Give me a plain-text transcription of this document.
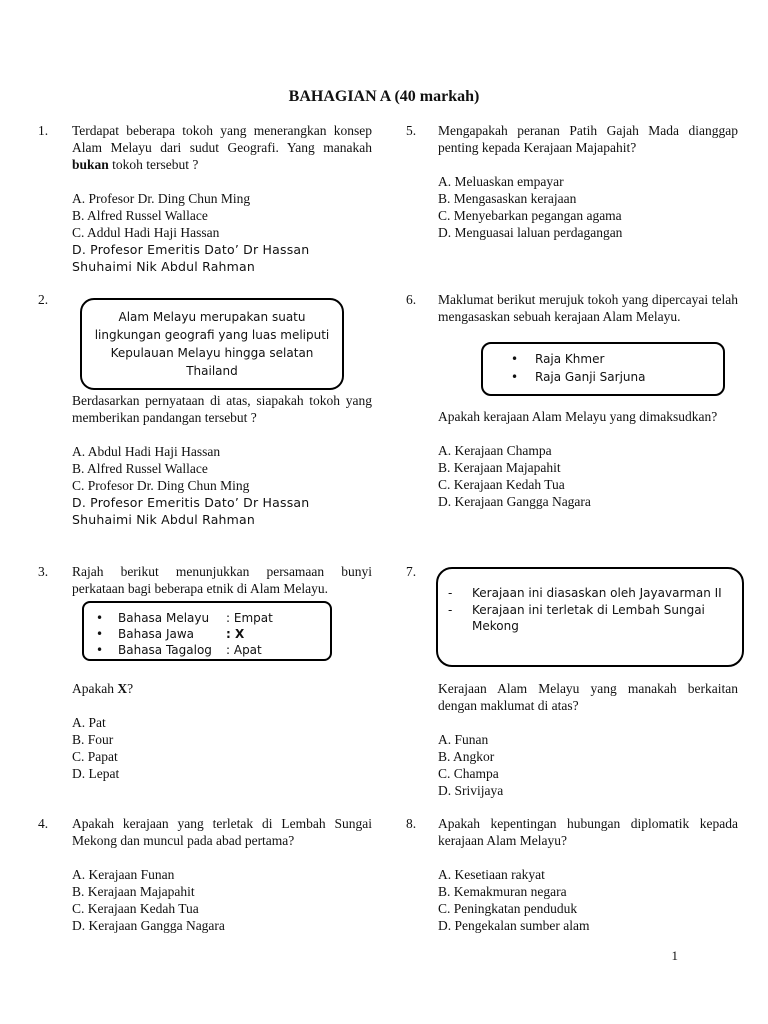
BAHAGIAN A (40 markah)
1. Terdapat beberapa tokoh yang menerangkan konsep Alam Melayu dari sudut Geografi. Yang manakah bukan tokoh tersebut ?
A. Profesor Dr. Ding Chun Ming
B. Alfred Russel Wallace
C. Addul Hadi Haji Hassan
D. Profesor Emeritis Dato’ Dr Hassan Shuhaimi Nik Abdul Rahman
2.
Alam Melayu merupakan suatu lingkungan geografi yang luas meliputi Kepulauan Melayu hingga selatan Thailand
Berdasarkan pernyataan di atas, siapakah tokoh yang memberikan pandangan tersebut ?
A. Abdul Hadi Haji Hassan
B. Alfred Russel Wallace
C. Profesor Dr. Ding Chun Ming
D. Profesor Emeritis Dato’ Dr Hassan Shuhaimi Nik Abdul Rahman
3. Rajah berikut menunjukkan persamaan bunyi perkataan bagi beberapa etnik di Alam Melayu.
• Bahasa Melayu : Empat
• Bahasa Jawa	: X
• Bahasa Tagalog : Apat
Apakah X?
A. Pat
B. Four
C. Papat
D. Lepat
4. Apakah kerajaan yang terletak di Lembah Sungai Mekong dan muncul pada abad pertama?
A. Kerajaan Funan
B. Kerajaan Majapahit
C. Kerajaan Kedah Tua
D. Kerajaan Gangga Nagara
5. Mengapakah peranan Patih Gajah Mada dianggap penting kepada Kerajaan Majapahit?
A. Meluaskan empayar
B. Mengasaskan kerajaan
C. Menyebarkan pegangan agama
D. Menguasai laluan perdagangan
6. Maklumat berikut merujuk tokoh yang dipercayai telah mengasaskan sebuah kerajaan Alam Melayu.
• Raja Khmer
• Raja Ganji Sarjuna
Apakah kerajaan Alam Melayu yang dimaksudkan?
A. Kerajaan Champa
B. Kerajaan Majapahit
C. Kerajaan Kedah Tua
D. Kerajaan Gangga Nagara
7.
- Kerajaan ini diasaskan oleh Jayavarman II
- Kerajaan ini terletak di Lembah Sungai Mekong
Kerajaan Alam Melayu yang manakah berkaitan dengan maklumat di atas?
A. Funan
B. Angkor
C. Champa
D. Srivijaya
8. Apakah kepentingan hubungan diplomatik kepada kerajaan Alam Melayu?
A. Kesetiaan rakyat
B. Kemakmuran negara
C. Peningkatan penduduk
D. Pengekalan sumber alam
1
